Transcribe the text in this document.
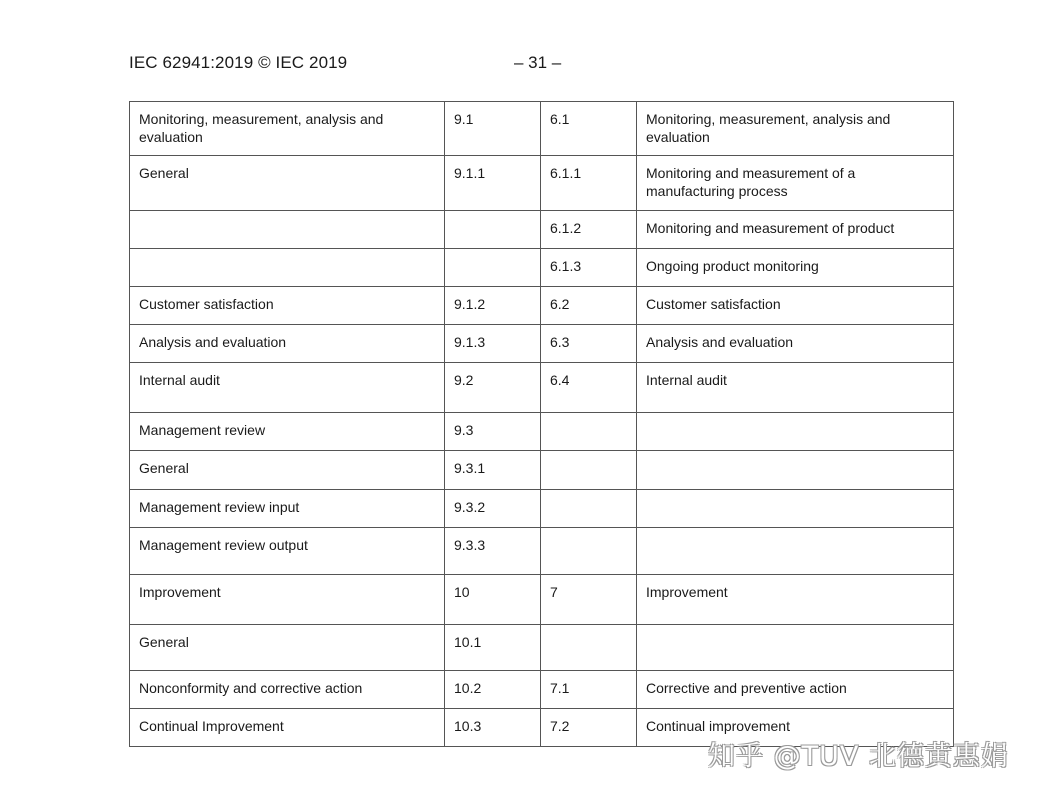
IEC 62941:2019 © IEC 2019	– 31 –
Monitoring, measurement, analysis and evaluation	9.1	6.1	Monitoring, measurement, analysis and evaluation
General	9.1.1	6.1.1	Monitoring and measurement of a manufacturing process
		6.1.2	Monitoring and measurement of product
		6.1.3	Ongoing product monitoring
Customer satisfaction	9.1.2	6.2	Customer satisfaction
Analysis and evaluation	9.1.3	6.3	Analysis and evaluation
Internal audit	9.2	6.4	Internal audit
Management review	9.3		
General	9.3.1		
Management review input	9.3.2		
Management review output	9.3.3		
Improvement	10	7	Improvement
General	10.1		
Nonconformity and corrective action	10.2	7.1	Corrective and preventive action
Continual Improvement	10.3	7.2	Continual improvement
知乎 @TUV 北德黄惠娟
